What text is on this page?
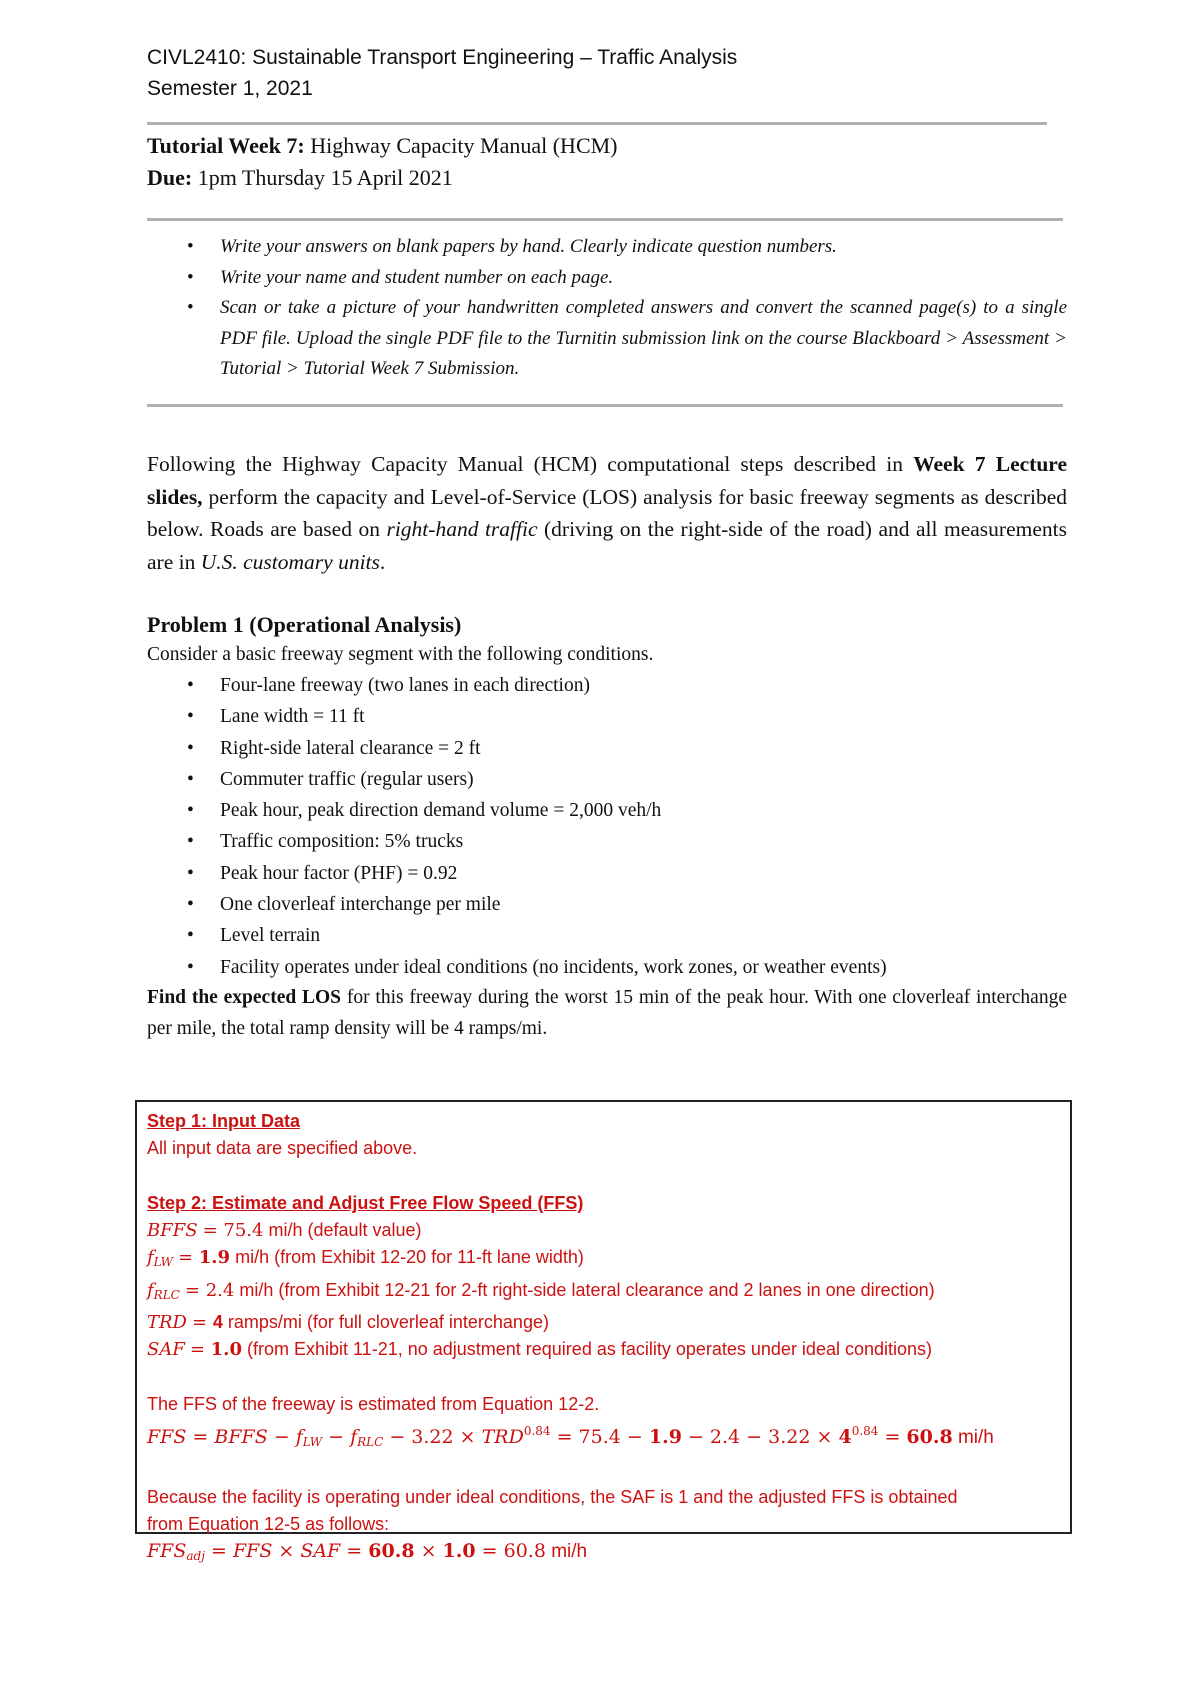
CIVL2410: Sustainable Transport Engineering – Traffic Analysis
Semester 1, 2021
Tutorial Week 7: Highway Capacity Manual (HCM)
Due: 1pm Thursday 15 April 2021
• Write your answers on blank papers by hand. Clearly indicate question numbers.
• Write your name and student number on each page.
• Scan or take a picture of your handwritten completed answers and convert the scanned page(s) to a single PDF file. Upload the single PDF file to the Turnitin submission link on the course Blackboard > Assessment > Tutorial > Tutorial Week 7 Submission.
Following the Highway Capacity Manual (HCM) computational steps described in Week 7 Lecture slides, perform the capacity and Level-of-Service (LOS) analysis for basic freeway segments as described below. Roads are based on right-hand traffic (driving on the right-side of the road) and all measurements are in U.S. customary units.
Problem 1 (Operational Analysis)
Consider a basic freeway segment with the following conditions.
• Four-lane freeway (two lanes in each direction)
• Lane width = 11 ft
• Right-side lateral clearance = 2 ft
• Commuter traffic (regular users)
• Peak hour, peak direction demand volume = 2,000 veh/h
• Traffic composition: 5% trucks
• Peak hour factor (PHF) = 0.92
• One cloverleaf interchange per mile
• Level terrain
• Facility operates under ideal conditions (no incidents, work zones, or weather events)
Find the expected LOS for this freeway during the worst 15 min of the peak hour. With one cloverleaf interchange per mile, the total ramp density will be 4 ramps/mi.
Step 1: Input Data
All input data are specified above.
Step 2: Estimate and Adjust Free Flow Speed (FFS)
BFFS = 75.4 mi/h (default value)
$f_{LW} = 1.9$ mi/h (from Exhibit 12-20 for 11-ft lane width)
$f_{RLC} = 2.4$ mi/h (from Exhibit 12-21 for 2-ft right-side lateral clearance and 2 lanes in one direction)
TRD = 4 ramps/mi (for full cloverleaf interchange)
SAF = 1.0 (from Exhibit 11-21, no adjustment required as facility operates under ideal conditions)
The FFS of the freeway is estimated from Equation 12-2.
FFS = BFFS − $f_{LW} - f_{RLC} - 3.22 \times TRD^{0.84} = 75.4 - 1.9 - 2.4 - 3.22 \times 4^{0.84} = 60.8$ mi/h
Because the facility is operating under ideal conditions, the SAF is 1 and the adjusted FFS is obtained
from Equation 12-5 as follows:
$FFS_{adj}$ = FFS × SAF = 60.8 × 1.0 = 60.8 mi/h
